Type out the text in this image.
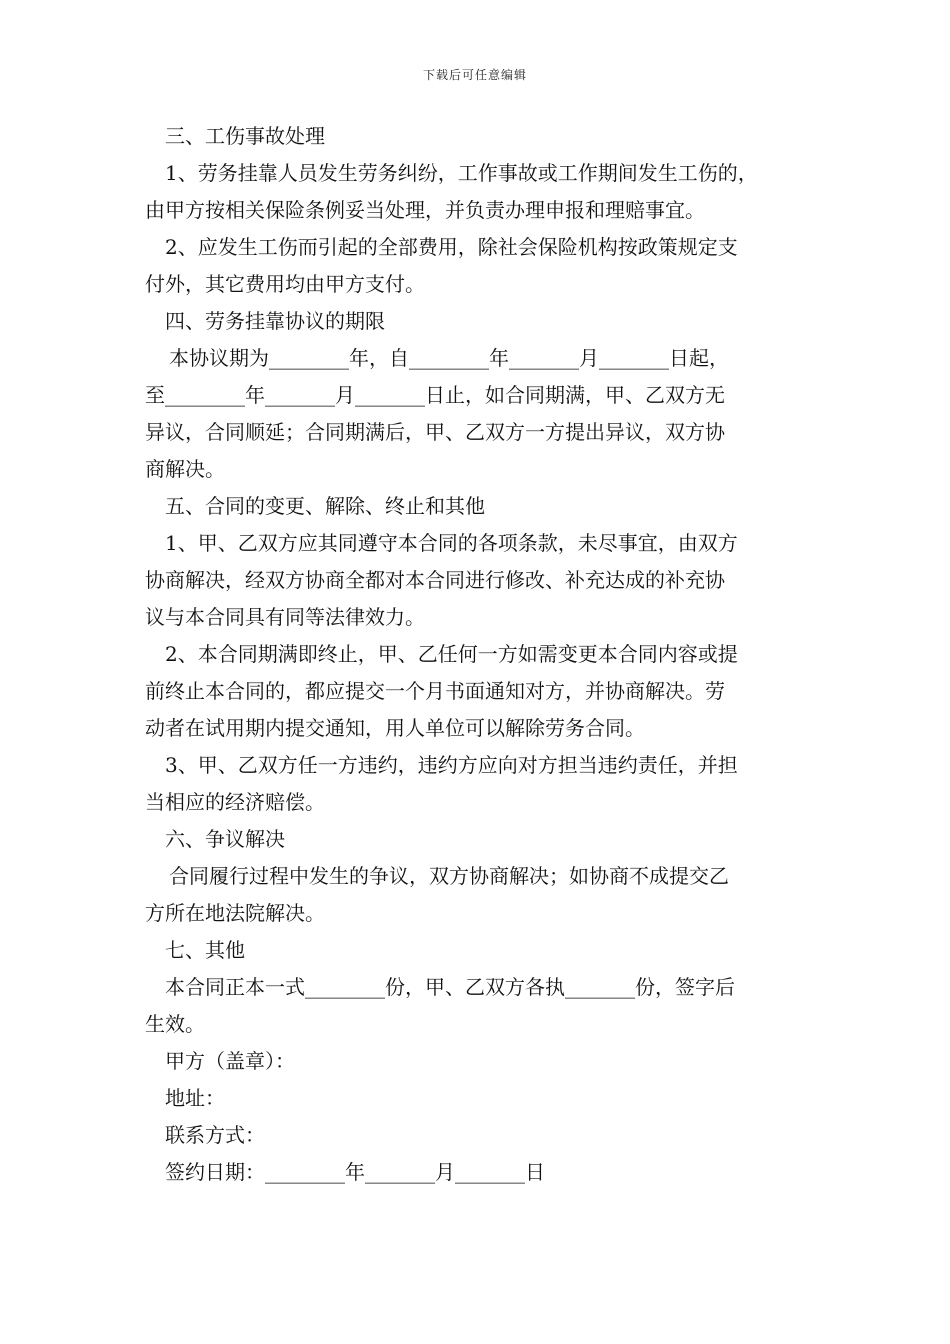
下载后可任意编辑
三、工伤事故处理
1、劳务挂靠人员发生劳务纠纷，工作事故或工作期间发生工伤的，
由甲方按相关保险条例妥当处理，并负责办理申报和理赔事宜。
2、应发生工伤而引起的全部费用，除社会保险机构按政策规定支
付外，其它费用均由甲方支付。
四、劳务挂靠协议的期限
本协议期为________年，自________年_______月_______日起，
至________年_______月_______日止，如合同期满，甲、乙双方无
异议，合同顺延；合同期满后，甲、乙双方一方提出异议，双方协
商解决。
五、合同的变更、解除、终止和其他
1、甲、乙双方应其同遵守本合同的各项条款，未尽事宜，由双方
协商解决，经双方协商全都对本合同进行修改、补充达成的补充协
议与本合同具有同等法律效力。
2、本合同期满即终止，甲、乙任何一方如需变更本合同内容或提
前终止本合同的，都应提交一个月书面通知对方，并协商解决。劳
动者在试用期内提交通知，用人单位可以解除劳务合同。
3、甲、乙双方任一方违约，违约方应向对方担当违约责任，并担
当相应的经济赔偿。
六、争议解决
合同履行过程中发生的争议，双方协商解决；如协商不成提交乙
方所在地法院解决。
七、其他
本合同正本一式________份，甲、乙双方各执_______份，签字后
生效。
甲方（盖章）：
地址：
联系方式：
签约日期：________年_______月_______日
